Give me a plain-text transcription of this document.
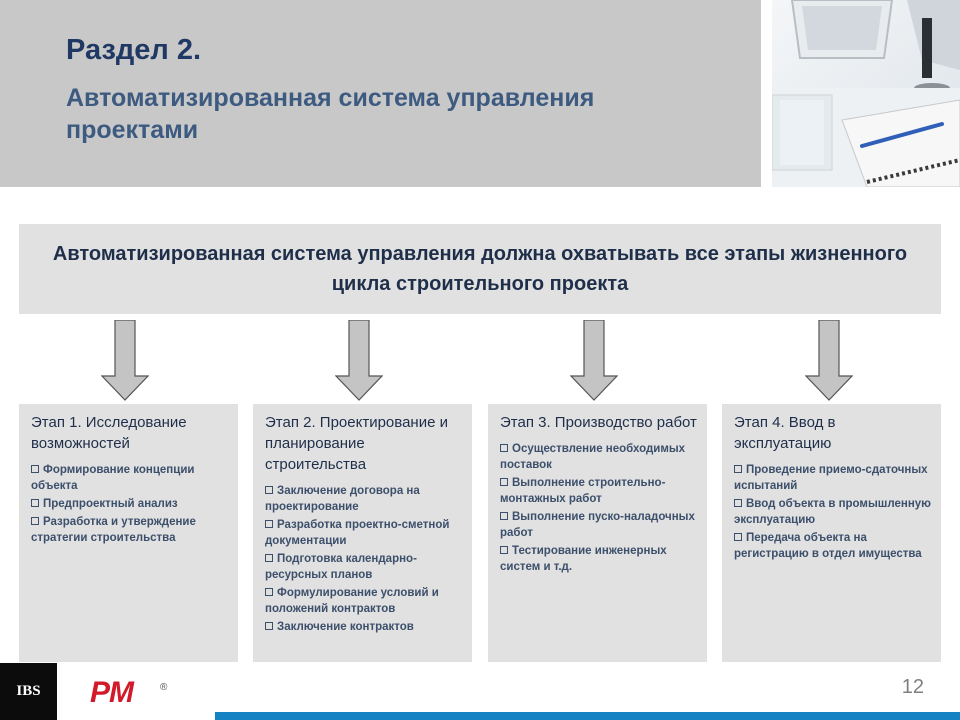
Раздел 2.
Автоматизированная система управления проектами
Автоматизированная система управления должна охватывать все этапы жизненного цикла строительного проекта
Этап 1. Исследование возможностей
Формирование концепции объекта
Предпроектный анализ
Разработка и утверждение стратегии строительства
Этап 2. Проектирование и планирование строительства
Заключение договора на проектирование
Разработка проектно-сметной документации
Подготовка календарно-ресурсных планов
Формулирование условий и положений контрактов
Заключение контрактов
Этап 3. Производство работ
Осуществление необходимых поставок
Выполнение строительно-монтажных работ
Выполнение пуско-наладочных работ
Тестирование инженерных систем и т.д.
Этап 4. Ввод в эксплуатацию
Проведение приемо-сдаточных испытаний
Ввод объекта в промышленную эксплуатацию
Передача объекта на регистрацию в отдел имущества
IBS	PM	®	12
